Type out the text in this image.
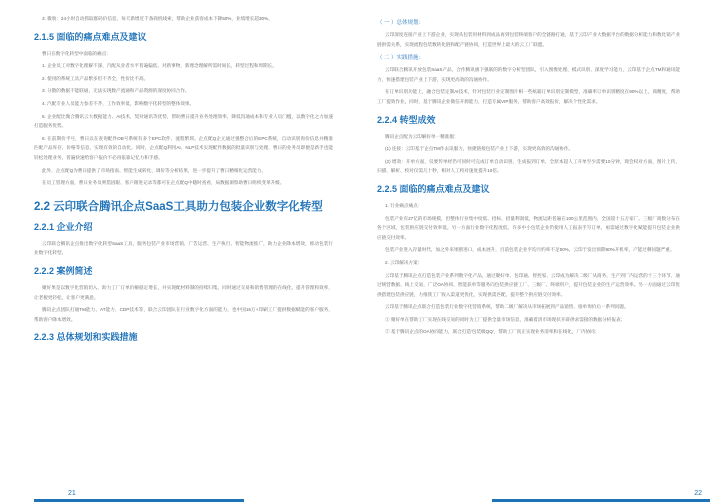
3. 微收：24小时自动抓取群码价信息，每天新增近千条商机线索，帮助企业获客成本下降50%，业绩增长超30%。

2.1.5 面临的痛点难点及建议

曹日在数字化转型中面临的痛点：

1. 企业员工对数字化理解不深，汽配从业者水平普遍偏低，对新事物、新理念理解所需时间长，转型过程和周期长。

2. 使用的系统工具产品繁多但不齐全，性价比不高。

3. 分散的数据不能联通，无法实现数产流通和产品资源的深度协同合作。

4. 汽配专业人员能力参差不齐，工作效率低，影响数字化转型的整体效果。

5. 企业配比微合腾讯云大数据能力、AI技术，契对通讯等优势，帮助曹日提升业务处理效率，降低沟通成本和专业人员门槛，以数字化之力加速打造服务优势。

6. 在前期价平号，曹日以在查询配件OB号系统有多个EPC软件，流程繁琐。企点配Q企元通过强整合后的EPC系统，自动识别询价信息并精准匹配产品库存、价格等信息，实现有效的自动化。同时，企点配Q利用AI、NLP技术实现配件数据的批量识别与处理，曹日的业务员即便是新手也能轻松处理业务，普遍快速给客户报价不必再依靠记忆力和手感。

此外，企点配Q为曹日提供了市场指南、智能生成转化、调价等分析结果，进一步提升了曹日精细化运营能力。

在员工管理方面，曹日业务员则借因眼、客户跟进记录等都可在企点配Q中随时查看，局数据洞察助曹日组织变革升级。

2.2 云印联合腾讯企点SaaS工具助力包装企业数字化转型
2.2.1 企业介绍

云印联合腾讯企点推出数字化转型SaaS工具，服务包装产业市场营销、广告运营、生产执行、智能物流推广，助力企业降本增效，推动包装行业数字化转型。

2.2.2 案例简述

聚好果是以数字化营销切入，助力工厂订单价额稳定增长，并实现配材料制的持续归集。同时通过交易和销售管理的在线化，提升管理和效率，让老板更轻松，让客户更满意。

腾讯企点团队打通TM能力、AT能力、CDP技术等，联合云印团队在行业数字化方面的能力，也中国15万+印刷工厂提供数据赋能的客户服务，帮助客户降本增效。

2.2.3 总体规划和实践措施
21
（ 一 ）总体规划：

云印深度连接产业上下游企业，实现从包装用材料到成品再到包装终端客户的全链路打通，基于云印产业大数据平台的数据分析能力和数化销产业链供需关系，实现流程包装数转化链和配产链协同，打造世界上最大的云工厂联盟。

（ 二 ）实践措施：

云印联合腾讯开放包装SaaS产品，合作腾讯旗下强联的的数字分析型团队，引入图像处理、模式识别、深度学习能力，云印基于企点TM和通讯能力，快速搭建包装产业上下游，实现更高效的沟通协作。

在订单识别功能上，融合包装定制AI技术，针对包装行业定制图片相一些纸箱订单识别定制模型，准确率订单识别精度在90%以上，商精度，帮助工厂提效作业。同时，基于腾讯企业微信开源能力，打造专属VIP服务，帮助客户高效报价，解决个性化需求。

2.2.4 转型成效

腾讯企点配为云印解好单一精准服：

(1) 连接：云印基于企点TM作去讯服力，快捷链接包装产业上下游，实现更高效的沟通协作。

(2) 增效：开单方面，仅要传单经仍可同时可完成订单自动识别，生成报到订单，全原本超人工开单至少需要10分钟，现会权对方面，图片上传、扫描、解析、校对仅需几十秒，相对人工校对速度提升10倍。

2.2.5 面临的痛点难点及建议

1. 行业痛点痛点：

包装产业有27亿的市场规模，但整体行业集中度低、招标、招量利润低，物流运距普遍在100公里范围内，全国超十五万家厂。三级厂商数分布在各个区域，包装供应链交付效率低。另一方面行业数字化程度低，许多中小包装企业仍使用人工报表手写订单，亟需通过数字化赋能提升包装企业供应链交付效率。

包装产业进入存量时代，加之外来果断进口，成本展升，目前包装企业平均月约率不足50%。云印于发出预期90%开机率，产能过剩问题严重。

2. 云印解决方案：

云印基于腾讯企点打造包装产业系列数字化产品，通过聚好单、包印通、智控家、云印成为解决二级厂从商务、生产到厂内运营的十三个环节，通过统营数据、线上交易，广泛OA协同、智能获单等服务向包装供应链工厂、三级厂、终端用户，提升包装企业的生产运营效率。另一方面通过云印优供搭建包装供应链，力推我工厂收入渠道更优化，实现供需匹配，提升整个供应链交付效率。

云印基于腾讯企点联合打造包装行业数字化营销系统，帮助二级厂解决从市场拓展到产品销售、接单询价后一系列问题。

① 聚好单在帮助工厂实现在线交易的同时为工厂提供全量市场信息，准确着清市场现状开辟供求需接的数据分析报表；

② 基于腾讯企点的OA协同能力，联合打造'包装级QQ'，帮助工厂真正实现业务清率和在线化，厂内协同；

22
